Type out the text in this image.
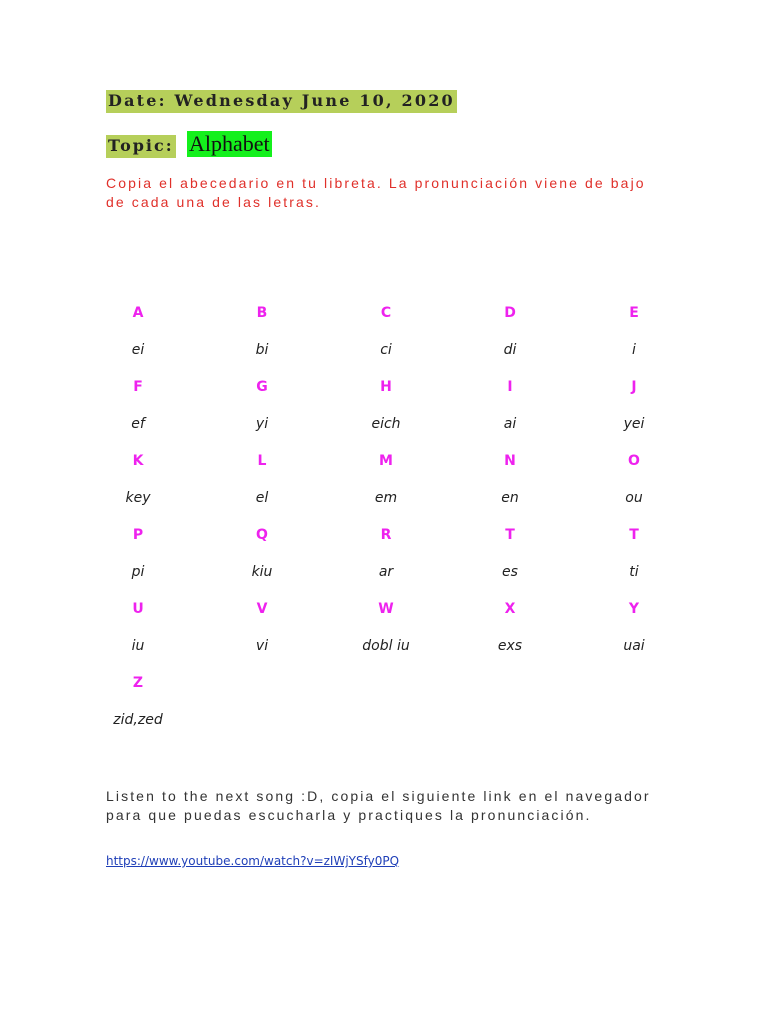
Date: Wednesday June 10, 2020
Topic: Alphabet
Copia el abecedario en tu libreta. La pronunciación viene de bajo de cada una de las letras.
A
ei
B
bi
C
ci
D
di
E
i
F
ef
G
yi
H
eich
I
ai
J
yei
K
key
L
el
M
em
N
en
O
ou
P
pi
Q
kiu
R
ar
T
es
T
ti
U
iu
V
vi
W
dobl iu
X
exs
Y
uai
Z
zid,zed
Listen to the next song :D, copia el siguiente link en el navegador para que puedas escucharla y practiques la pronunciación.
https://www.youtube.com/watch?v=zIWjYSfy0PQ
